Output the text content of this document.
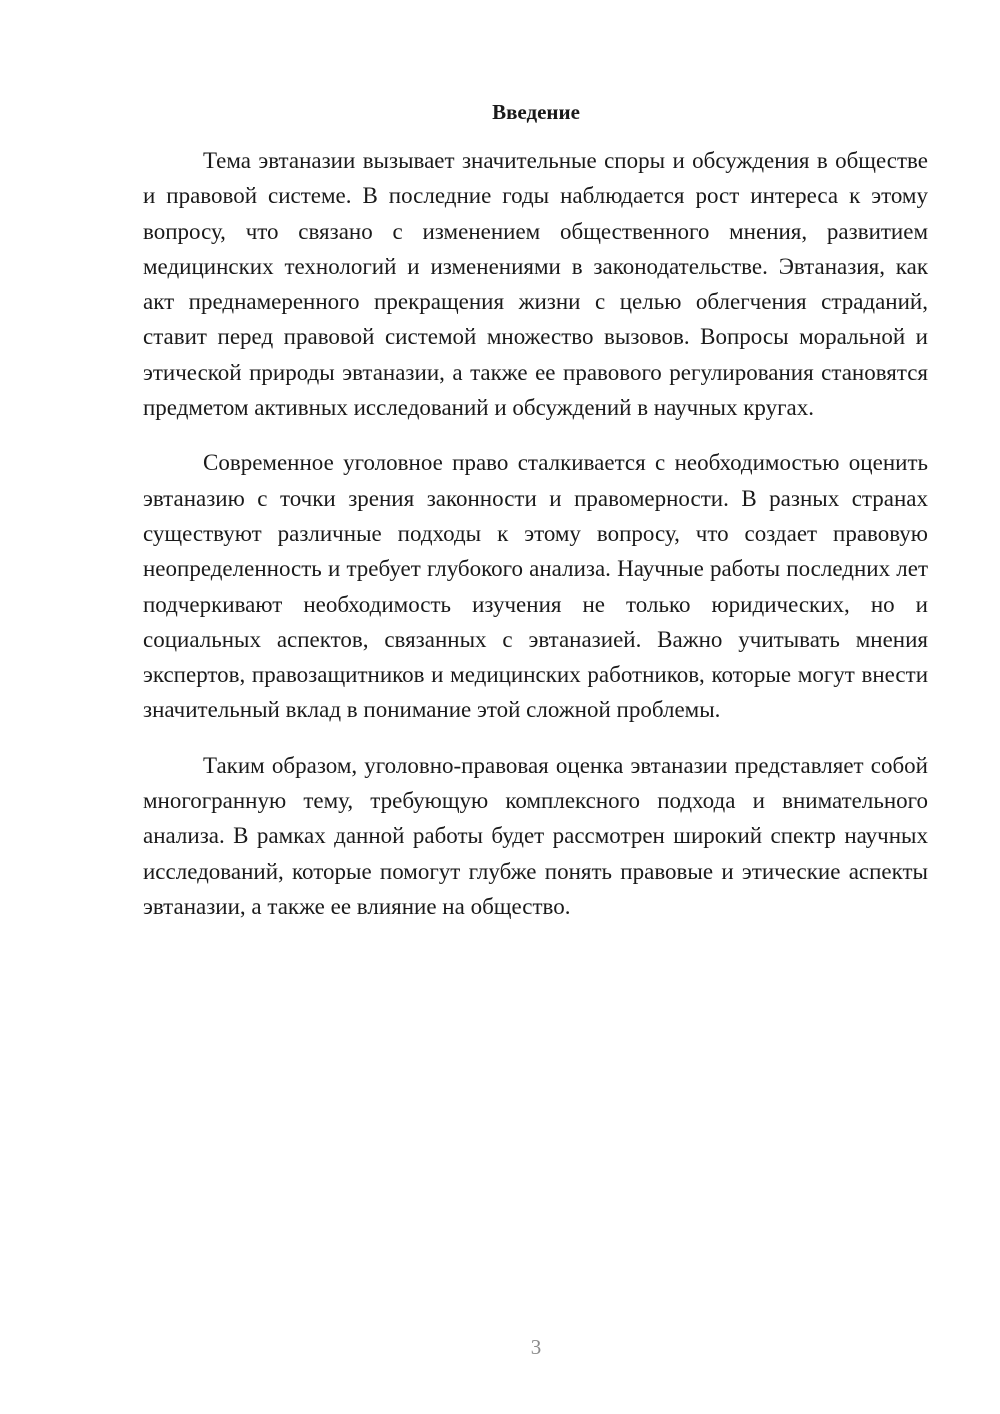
Введение

Тема эвтаназии вызывает значительные споры и обсуждения в обществе и правовой системе. В последние годы наблюдается рост интереса к этому вопросу, что связано с изменением общественного мнения, развитием медицинских технологий и изменениями в законодательстве. Эвтаназия, как акт преднамеренного прекращения жизни с целью облегчения страданий, ставит перед правовой системой множество вызовов. Вопросы моральной и этической природы эвтаназии, а также ее правового регулирования становятся предметом активных исследований и обсуждений в научных кругах.

Современное уголовное право сталкивается с необходимостью оценить эвтаназию с точки зрения законности и правомерности. В разных странах существуют различные подходы к этому вопросу, что создает правовую неопределенность и требует глубокого анализа. Научные работы последних лет подчеркивают необходимость изучения не только юридических, но и социальных аспектов, связанных с эвтаназией. Важно учитывать мнения экспертов, правозащитников и медицинских работников, которые могут внести значительный вклад в понимание этой сложной проблемы.

Таким образом, уголовно-правовая оценка эвтаназии представляет собой многогранную тему, требующую комплексного подхода и внимательного анализа. В рамках данной работы будет рассмотрен широкий спектр научных исследований, которые помогут глубже понять правовые и этические аспекты эвтаназии, а также ее влияние на общество.

3
